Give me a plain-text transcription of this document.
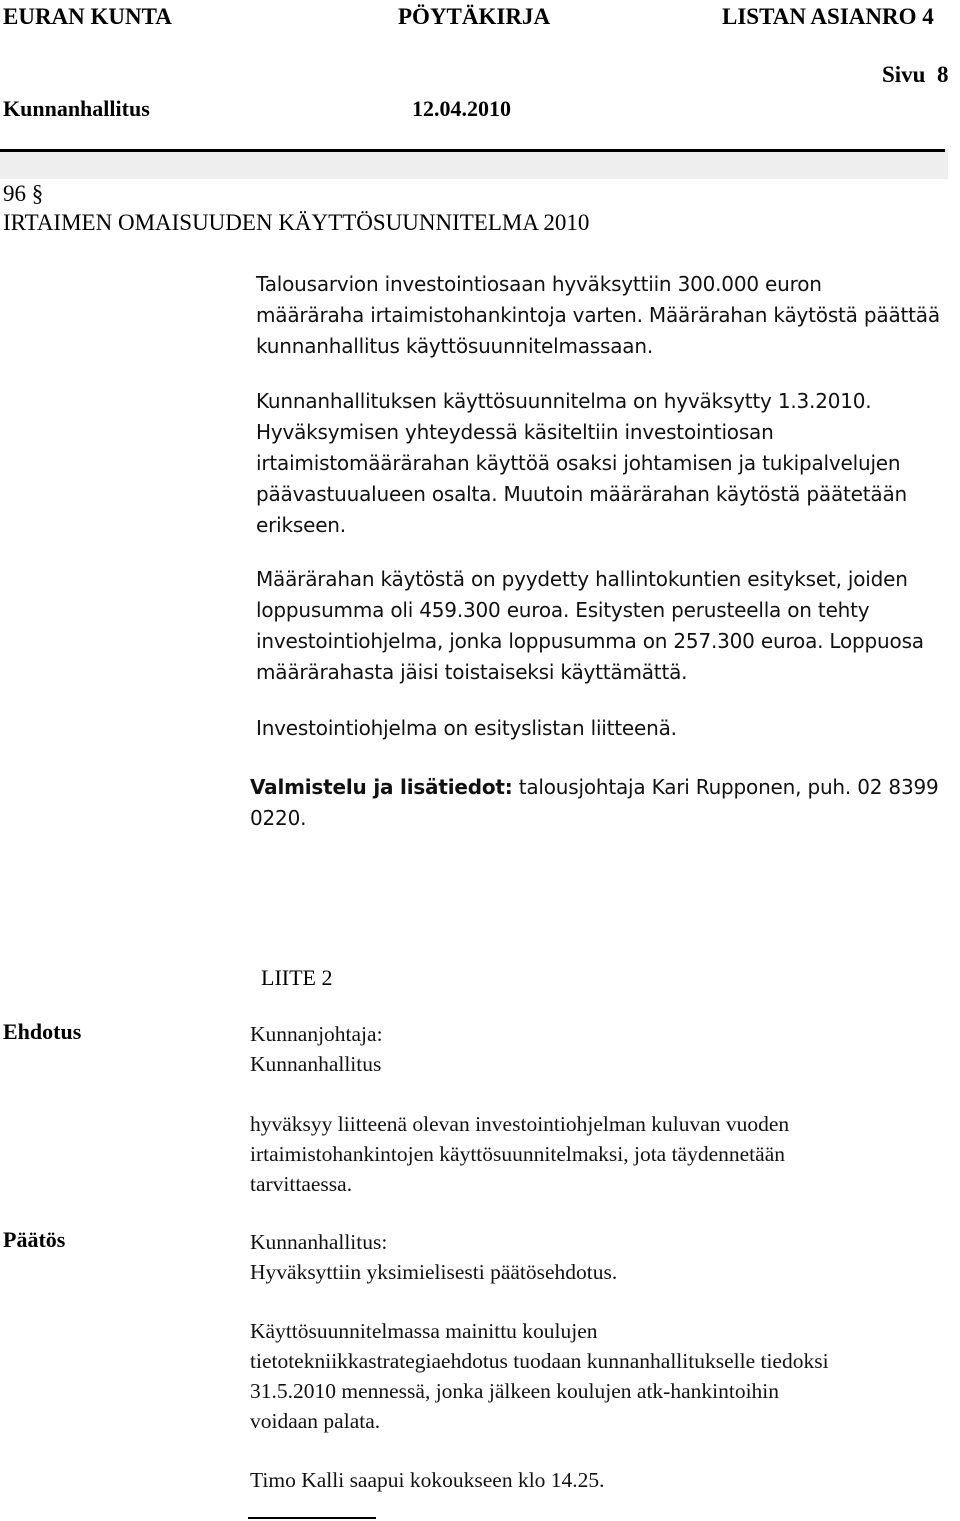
EURAN KUNTA	PÖYTÄKIRJA	LISTAN ASIANRO 4
Sivu  8
Kunnanhallitus	12.04.2010
96 §
IRTAIMEN OMAISUUDEN KÄYTTÖSUUNNITELMA 2010
Talousarvion investointiosaan hyväksyttiin 300.000 euron
määräraha irtaimistohankintoja varten. Määrärahan käytöstä päättää
kunnanhallitus käyttösuunnitelmassaan.
Kunnanhallituksen käyttösuunnitelma on hyväksytty 1.3.2010.
Hyväksymisen yhteydessä käsiteltiin investointiosan
irtaimistomäärärahan käyttöä osaksi johtamisen ja tukipalvelujen
päävastuualueen osalta. Muutoin määrärahan käytöstä päätetään
erikseen.
Määrärahan käytöstä on pyydetty hallintokuntien esitykset, joiden
loppusumma oli 459.300 euroa. Esitysten perusteella on tehty
investointiohjelma, jonka loppusumma on 257.300 euroa. Loppuosa
määrärahasta jäisi toistaiseksi käyttämättä.
Investointiohjelma on esityslistan liitteenä.
Valmistelu ja lisätiedot: talousjohtaja Kari Rupponen, puh. 02 8399
0220.
LIITE 2
Ehdotus	Kunnanjohtaja:
Kunnanhallitus
hyväksyy liitteenä olevan investointiohjelman kuluvan vuoden
irtaimistohankintojen käyttösuunnitelmaksi, jota täydennetään
tarvittaessa.
Päätös	Kunnanhallitus:
Hyväksyttiin yksimielisesti päätösehdotus.
Käyttösuunnitelmassa mainittu koulujen
tietotekniikkastrategiaehdotus tuodaan kunnanhallitukselle tiedoksi
31.5.2010 mennessä, jonka jälkeen koulujen atk-hankintoihin
voidaan palata.
Timo Kalli saapui kokoukseen klo 14.25.
